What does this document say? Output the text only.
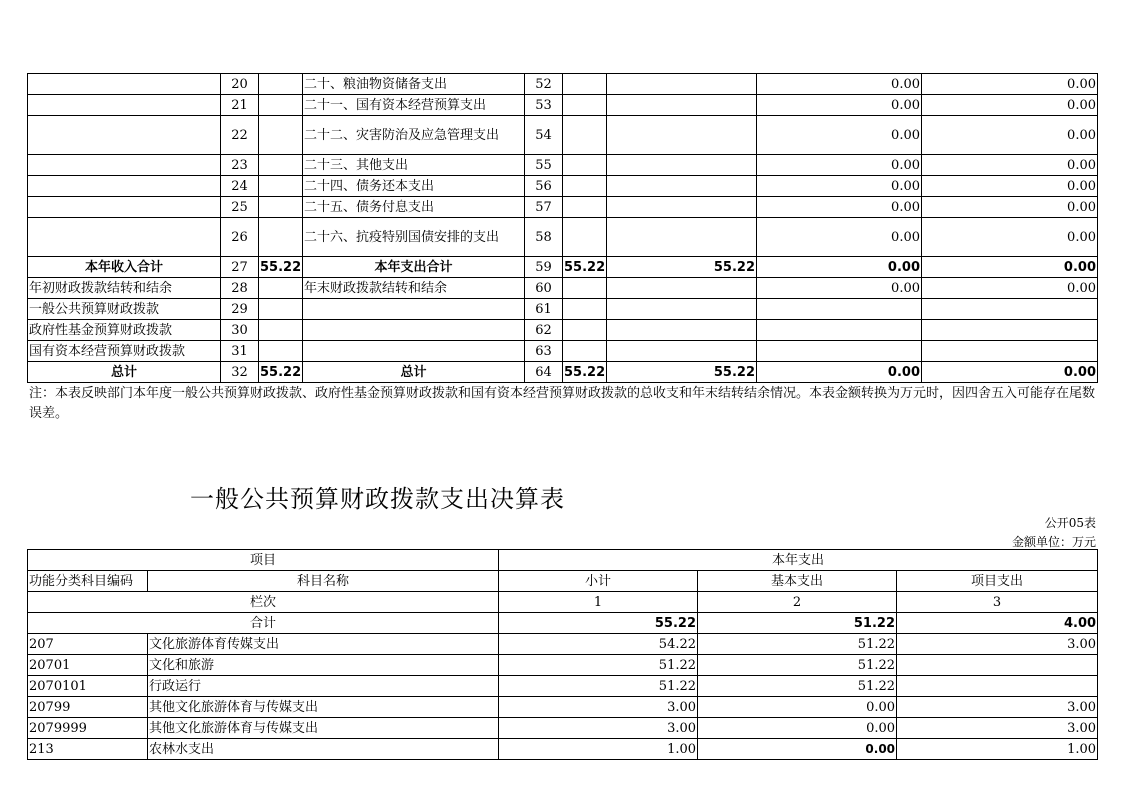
	20		二十、粮油物资储备支出	52			0.00	0.00
	21		二十一、国有资本经营预算支出	53			0.00	0.00
	22		二十二、灾害防治及应急管理支出	54			0.00	0.00
	23		二十三、其他支出	55			0.00	0.00
	24		二十四、债务还本支出	56			0.00	0.00
	25		二十五、债务付息支出	57			0.00	0.00
	26		二十六、抗疫特别国债安排的支出	58			0.00	0.00
本年收入合计	27	55.22	本年支出合计	59	55.22	55.22	0.00	0.00
年初财政拨款结转和结余	28		年末财政拨款结转和结余	60			0.00	0.00
一般公共预算财政拨款	29			61				
政府性基金预算财政拨款	30			62				
国有资本经营预算财政拨款	31			63				
总计	32	55.22	总计	64	55.22	55.22	0.00	0.00
注：本表反映部门本年度一般公共预算财政拨款、政府性基金预算财政拨款和国有资本经营预算财政拨款的总收支和年末结转结余情况。本表金额转换为万元时，因四舍五入可能存在尾数误差。
一般公共预算财政拨款支出决算表
公开05表
金额单位：万元
项目		本年支出		
功能分类科目编码	科目名称	小计	基本支出	项目支出
栏次		1	2	3
合计		55.22	51.22	4.00
207	文化旅游体育传媒支出	54.22	51.22	3.00
20701	文化和旅游	51.22	51.22	
2070101	行政运行	51.22	51.22	
20799	其他文化旅游体育与传媒支出	3.00	0.00	3.00
2079999	其他文化旅游体育与传媒支出	3.00	0.00	3.00
213	农林水支出	1.00	0.00	1.00
